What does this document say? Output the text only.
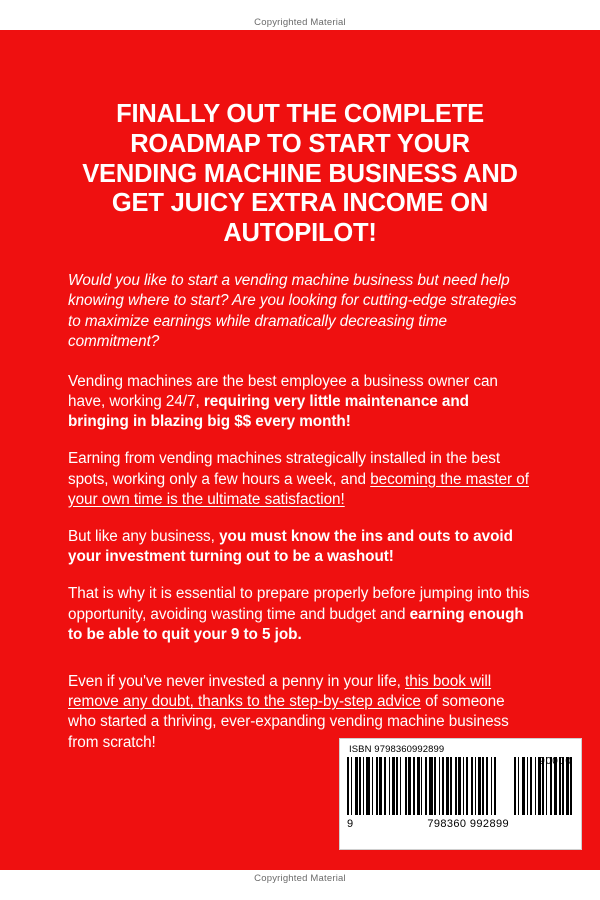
Copyrighted Material
FINALLY OUT THE COMPLETE ROADMAP TO START YOUR VENDING MACHINE BUSINESS AND GET JUICY EXTRA INCOME ON AUTOPILOT!

Would you like to start a vending machine business but need help knowing where to start? Are you looking for cutting-edge strategies to maximize earnings while dramatically decreasing time commitment?

Vending machines are the best employee a business owner can have, working 24/7, requiring very little maintenance and bringing in blazing big $$ every month!

Earning from vending machines strategically installed in the best spots, working only a few hours a week, and becoming the master of your own time is the ultimate satisfaction!

But like any business, you must know the ins and outs to avoid your investment turning out to be a washout!

That is why it is essential to prepare properly before jumping into this opportunity, avoiding wasting time and budget and earning enough to be able to quit your 9 to 5 job.

Even if you've never invested a penny in your life, this book will remove any doubt, thanks to the step-by-step advice of someone who started a thriving, ever-expanding vending machine business from scratch!	ISBN 9798360992899
90000
9	798360 992899
Copyrighted Material
